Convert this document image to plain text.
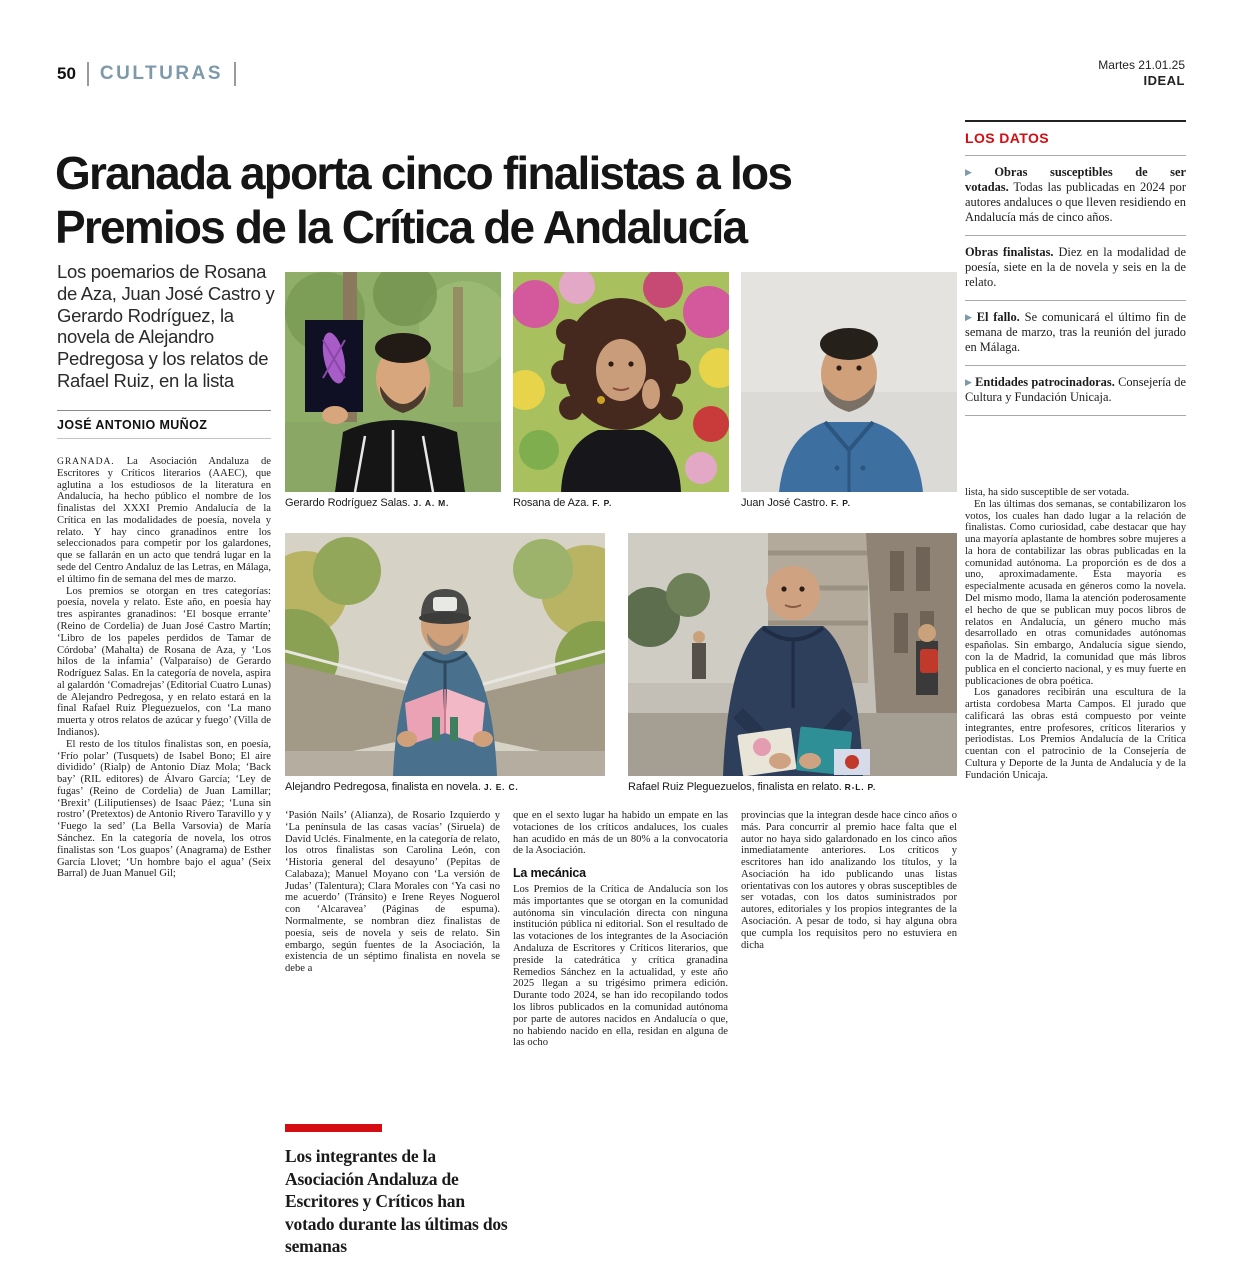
50 CULTURAS	Martes 21.01.25
IDEAL
Granada aporta cinco finalistas a los Premios de la Crítica de Andalucía
Los poemarios de Rosana de Aza, Juan José Castro y Gerardo Rodríguez, la novela de Alejandro Pedregosa y los relatos de Rafael Ruiz, en la lista
JOSÉ ANTONIO MUÑOZ

GRANADA. La Asociación Andaluza de Escritores y Críticos literarios (AAEC), que aglutina a los estudiosos de la literatura en Andalucía, ha hecho público el nombre de los finalistas del XXXI Premio Andalucía de la Crítica en las modalidades de poesía, novela y relato. Y hay cinco granadinos entre los seleccionados para competir por los galardones, que se fallarán en un acto que tendrá lugar en la sede del Centro Andaluz de las Letras, en Málaga, el último fin de semana del mes de marzo.

Los premios se otorgan en tres categorías: poesía, novela y relato. Este año, en poesía hay tres aspirantes granadinos: ‘El bosque errante’ (Reino de Cordelia) de Juan José Castro Martín; ‘Libro de los papeles perdidos de Tamar de Córdoba’ (Mahalta) de Rosana de Aza, y ‘Los hilos de la infamia’ (Valparaíso) de Gerardo Rodríguez Salas. En la categoría de novela, aspira al galardón ‘Comadrejas’ (Editorial Cuatro Lunas) de Alejandro Pedregosa, y en relato estará en la final Rafael Ruiz Pleguezuelos, con ‘La mano muerta y otros relatos de azúcar y fuego’ (Villa de Indianos).

El resto de los títulos finalistas son, en poesía, ‘Frío polar’ (Tusquets) de Isabel Bono; El aire dividido’ (Rialp) de Antonio Díaz Mola; ‘Back bay’ (RIL editores) de Álvaro García; ‘Ley de fugas’ (Reino de Cordelia) de Juan Lamillar; ‘Brexit’ (Liliputienses) de Isaac Páez; ‘Luna sin rostro’ (Pretextos) de Antonio Rivero Taravillo y y ‘Fuego la sed’ (La Bella Varsovia) de María Sánchez. En la categoría de novela, los otros finalistas son ‘Los guapos’ (Anagrama) de Esther García Llovet; ‘Un hombre bajo el agua’ (Seix Barral) de Juan Manuel Gil;

Gerardo Rodríguez Salas. J. A. M.	Rosana de Aza. F. P.	Juan José Castro. F. P.
Alejandro Pedregosa, finalista en novela. J. E. C.	Rafael Ruiz Pleguezuelos, finalista en relato. R-L. P.

‘Pasión Nails’ (Alianza), de Rosario Izquierdo y ‘La península de las casas vacías’ (Siruela) de David Uclés. Finalmente, en la categoría de relato, los otros finalistas son Carolina León, con ‘Historia general del desayuno’ (Pepitas de Calabaza); Manuel Moyano con ‘La versión de Judas’ (Talentura); Clara Morales con ‘Ya casi no me acuerdo’ (Tránsito) e Irene Reyes Noguerol con ‘Alcaravea’ (Páginas de espuma). Normalmente, se nombran diez finalistas de poesía, seis de novela y seis de relato. Sin embargo, según fuentes de la Asociación, la existencia de un séptimo finalista en novela se debe a

Los integrantes de la Asociación Andaluza de Escritores y Críticos han votado durante las últimas dos semanas

que en el sexto lugar ha habido un empate en las votaciones de los críticos andaluces, los cuales han acudido en más de un 80% a la convocatoria de la Asociación.

La mecánica

Los Premios de la Crítica de Andalucía son los más importantes que se otorgan en la comunidad autónoma sin vinculación directa con ninguna institución pública ni editorial. Son el resultado de las votaciones de los integrantes de la Asociación Andaluza de Escritores y Críticos literarios, que preside la catedrática y crítica granadina Remedios Sánchez en la actualidad, y este año 2025 llegan a su trigésimo primera edición. Durante todo 2024, se han ido recopilando todos los libros publicados en la comunidad autónoma por parte de autores nacidos en Andalucía o que, no habiendo nacido en ella, residan en alguna de las ocho

provincias que la integran desde hace cinco años o más. Para concurrir al premio hace falta que el autor no haya sido galardonado en los cinco años inmediatamente anteriores. Los críticos y escritores han ido analizando los títulos, y la Asociación ha ido publicando unas listas orientativas con los autores y obras susceptibles de ser votadas, con los datos suministrados por autores, editoriales y los propios integrantes de la Asociación. A pesar de todo, si hay alguna obra que cumpla los requisitos pero no estuviera en dicha

LOS DATOS
▶ Obras susceptibles de ser votadas. Todas las publicadas en 2024 por autores andaluces o que lleven residiendo en Andalucía más de cinco años.
Obras finalistas. Diez en la modalidad de poesía, siete en la de novela y seis en la de relato.
▶ El fallo. Se comunicará el último fin de semana de marzo, tras la reunión del jurado en Málaga.
▶ Entidades patrocinadoras. Consejería de Cultura y Fundación Unicaja.

lista, ha sido susceptible de ser votada.

En las últimas dos semanas, se contabilizaron los votos, los cuales han dado lugar a la relación de finalistas. Como curiosidad, cabe destacar que hay una mayoría aplastante de hombres sobre mujeres a la hora de contabilizar las obras publicadas en la comunidad autónoma. La proporción es de dos a uno, aproximadamente. Esta mayoría es especialmente acusada en géneros como la novela. Del mismo modo, llama la atención poderosamente el hecho de que se publican muy pocos libros de relatos en Andalucía, un género mucho más desarrollado en otras comunidades autónomas españolas. Sin embargo, Andalucía sigue siendo, con la de Madrid, la comunidad que más libros publica en el concierto nacional, y es muy fuerte en publicaciones de obra poética.

Los ganadores recibirán una escultura de la artista cordobesa Marta Campos. El jurado que calificará las obras está compuesto por veinte integrantes, entre profesores, críticos literarios y periodistas. Los Premios Andalucía de la Crítica cuentan con el patrocinio de la Consejería de Cultura y Deporte de la Junta de Andalucía y de la Fundación Unicaja.
